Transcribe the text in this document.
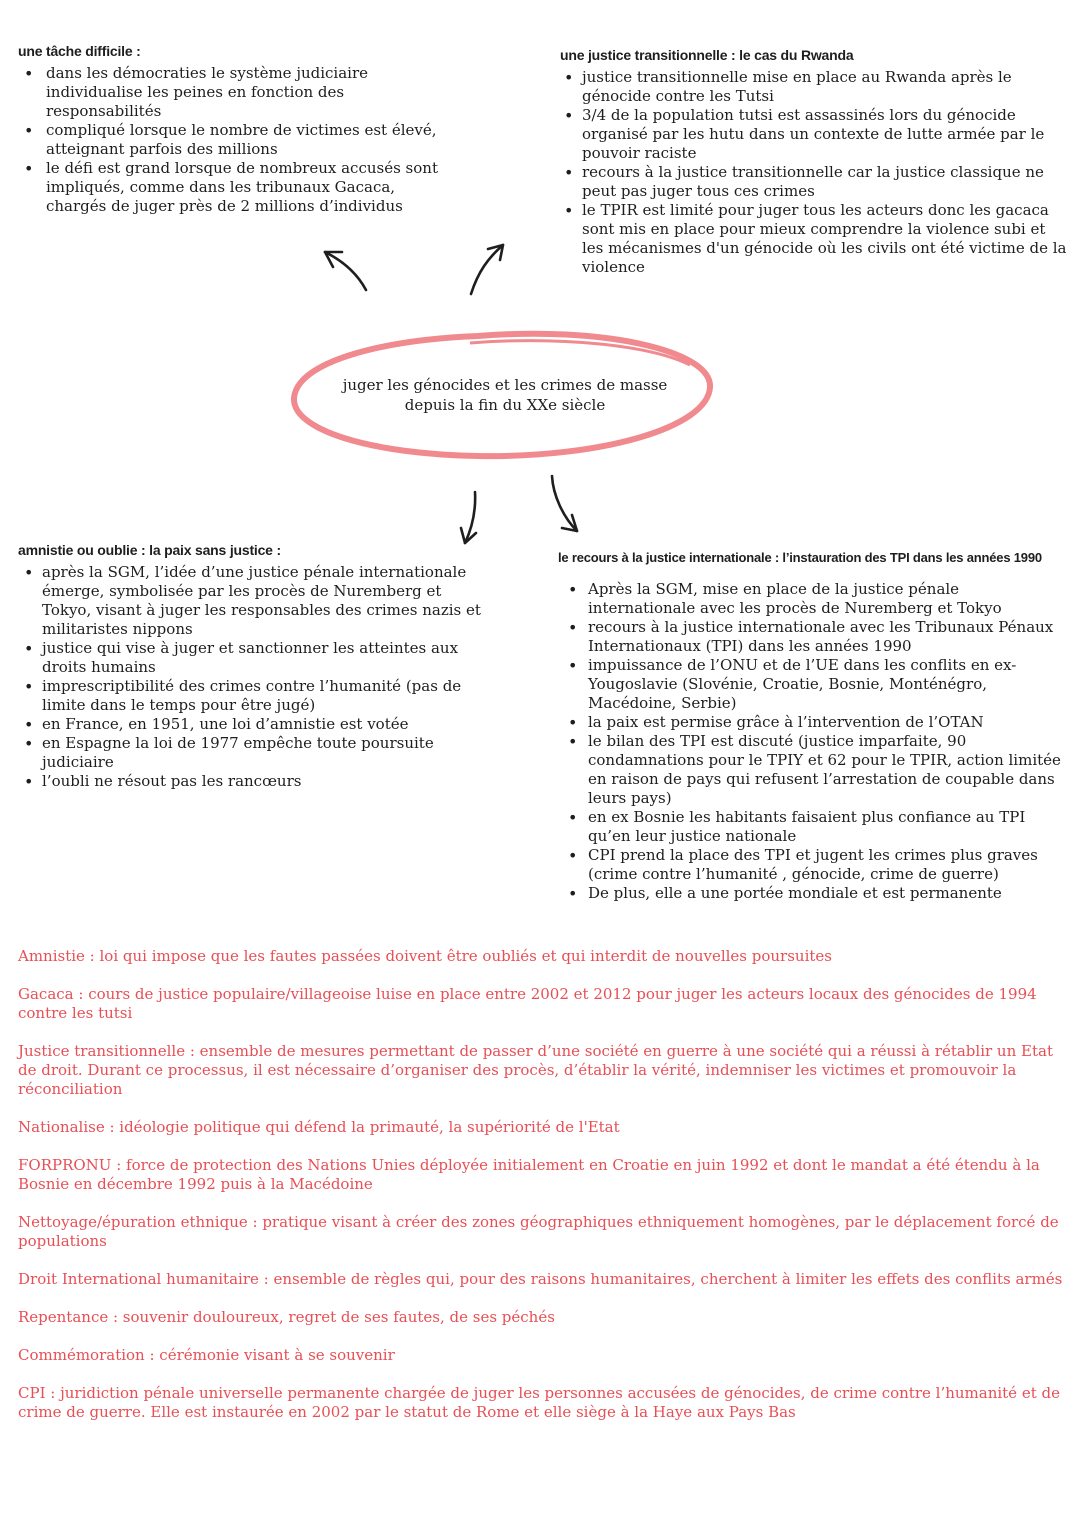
juger les génocides et les crimes de masse
depuis la fin du XXe siècle
une tâche difficile :
• dans les démocraties le système judiciaire individualise les peines en fonction des responsabilités
• compliqué lorsque le nombre de victimes est élevé, atteignant parfois des millions
• le défi est grand lorsque de nombreux accusés sont impliqués, comme dans les tribunaux Gacaca, chargés de juger près de 2 millions d’individus
une justice transitionnelle : le cas du Rwanda
• justice transitionnelle mise en place au Rwanda après le génocide contre les Tutsi
• 3/4 de la population tutsi est assassinés lors du génocide organisé par les hutu dans un contexte de lutte armée par le pouvoir raciste
• recours à la justice transitionnelle car la justice classique ne peut pas juger tous ces crimes
• le TPIR est limité pour juger tous les acteurs donc les gacaca sont mis en place pour mieux comprendre la violence subi et les mécanismes d'un génocide où les civils ont été victime de la violence
amnistie ou oublie : la paix sans justice :
• après la SGM, l’idée d’une justice pénale internationale émerge, symbolisée par les procès de Nuremberg et Tokyo, visant à juger les responsables des crimes nazis et militaristes nippons
• justice qui vise à juger et sanctionner les atteintes aux droits humains
• imprescriptibilité des crimes contre l’humanité (pas de limite dans le temps pour être jugé)
• en France, en 1951, une loi d’amnistie est votée
• en Espagne la loi de 1977 empêche toute poursuite judiciaire
• l’oubli ne résout pas les rancœurs
le recours à la justice internationale : l’instauration des TPI dans les années 1990
• Après la SGM, mise en place de la justice pénale internationale avec les procès de Nuremberg et Tokyo
• recours à la justice internationale avec les Tribunaux Pénaux Internationaux (TPI) dans les années 1990
• impuissance de l’ONU et de l’UE dans les conflits en ex-Yougoslavie (Slovénie, Croatie, Bosnie, Monténégro, Macédoine, Serbie)
• la paix est permise grâce à l’intervention de l’OTAN
• le bilan des TPI est discuté (justice imparfaite, 90 condamnations pour le TPIY et 62 pour le TPIR, action limitée en raison de pays qui refusent l’arrestation de coupable dans leurs pays)
• en ex Bosnie les habitants faisaient plus confiance au TPI qu’en leur justice nationale
• CPI prend la place des TPI et jugent les crimes plus graves (crime contre l’humanité , génocide, crime de guerre)
• De plus, elle a une portée mondiale et est permanente
Amnistie : loi qui impose que les fautes passées doivent être oubliés et qui interdit de nouvelles poursuites
Gacaca : cours de justice populaire/villageoise luise en place entre 2002 et 2012 pour juger les acteurs locaux des génocides de 1994 contre les tutsi
Justice transitionnelle : ensemble de mesures permettant de passer d’une société en guerre à une société qui a réussi à rétablir un Etat de droit. Durant ce processus, il est nécessaire d’organiser des procès, d’établir la vérité, indemniser les victimes et promouvoir la réconciliation
Nationalise : idéologie politique qui défend la primauté, la supériorité de l'Etat
FORPRONU : force de protection des Nations Unies déployée initialement en Croatie en juin 1992 et dont le mandat a été étendu à la Bosnie en décembre 1992 puis à la Macédoine
Nettoyage/épuration ethnique : pratique visant à créer des zones géographiques ethniquement homogènes, par le déplacement forcé de populations
Droit International humanitaire : ensemble de règles qui, pour des raisons humanitaires, cherchent à limiter les effets des conflits armés
Repentance : souvenir douloureux, regret de ses fautes, de ses péchés
Commémoration : cérémonie visant à se souvenir
CPI : juridiction pénale universelle permanente chargée de juger les personnes accusées de génocides, de crime contre l’humanité et de crime de guerre. Elle est instaurée en 2002 par le statut de Rome et elle siège à la Haye aux Pays Bas
